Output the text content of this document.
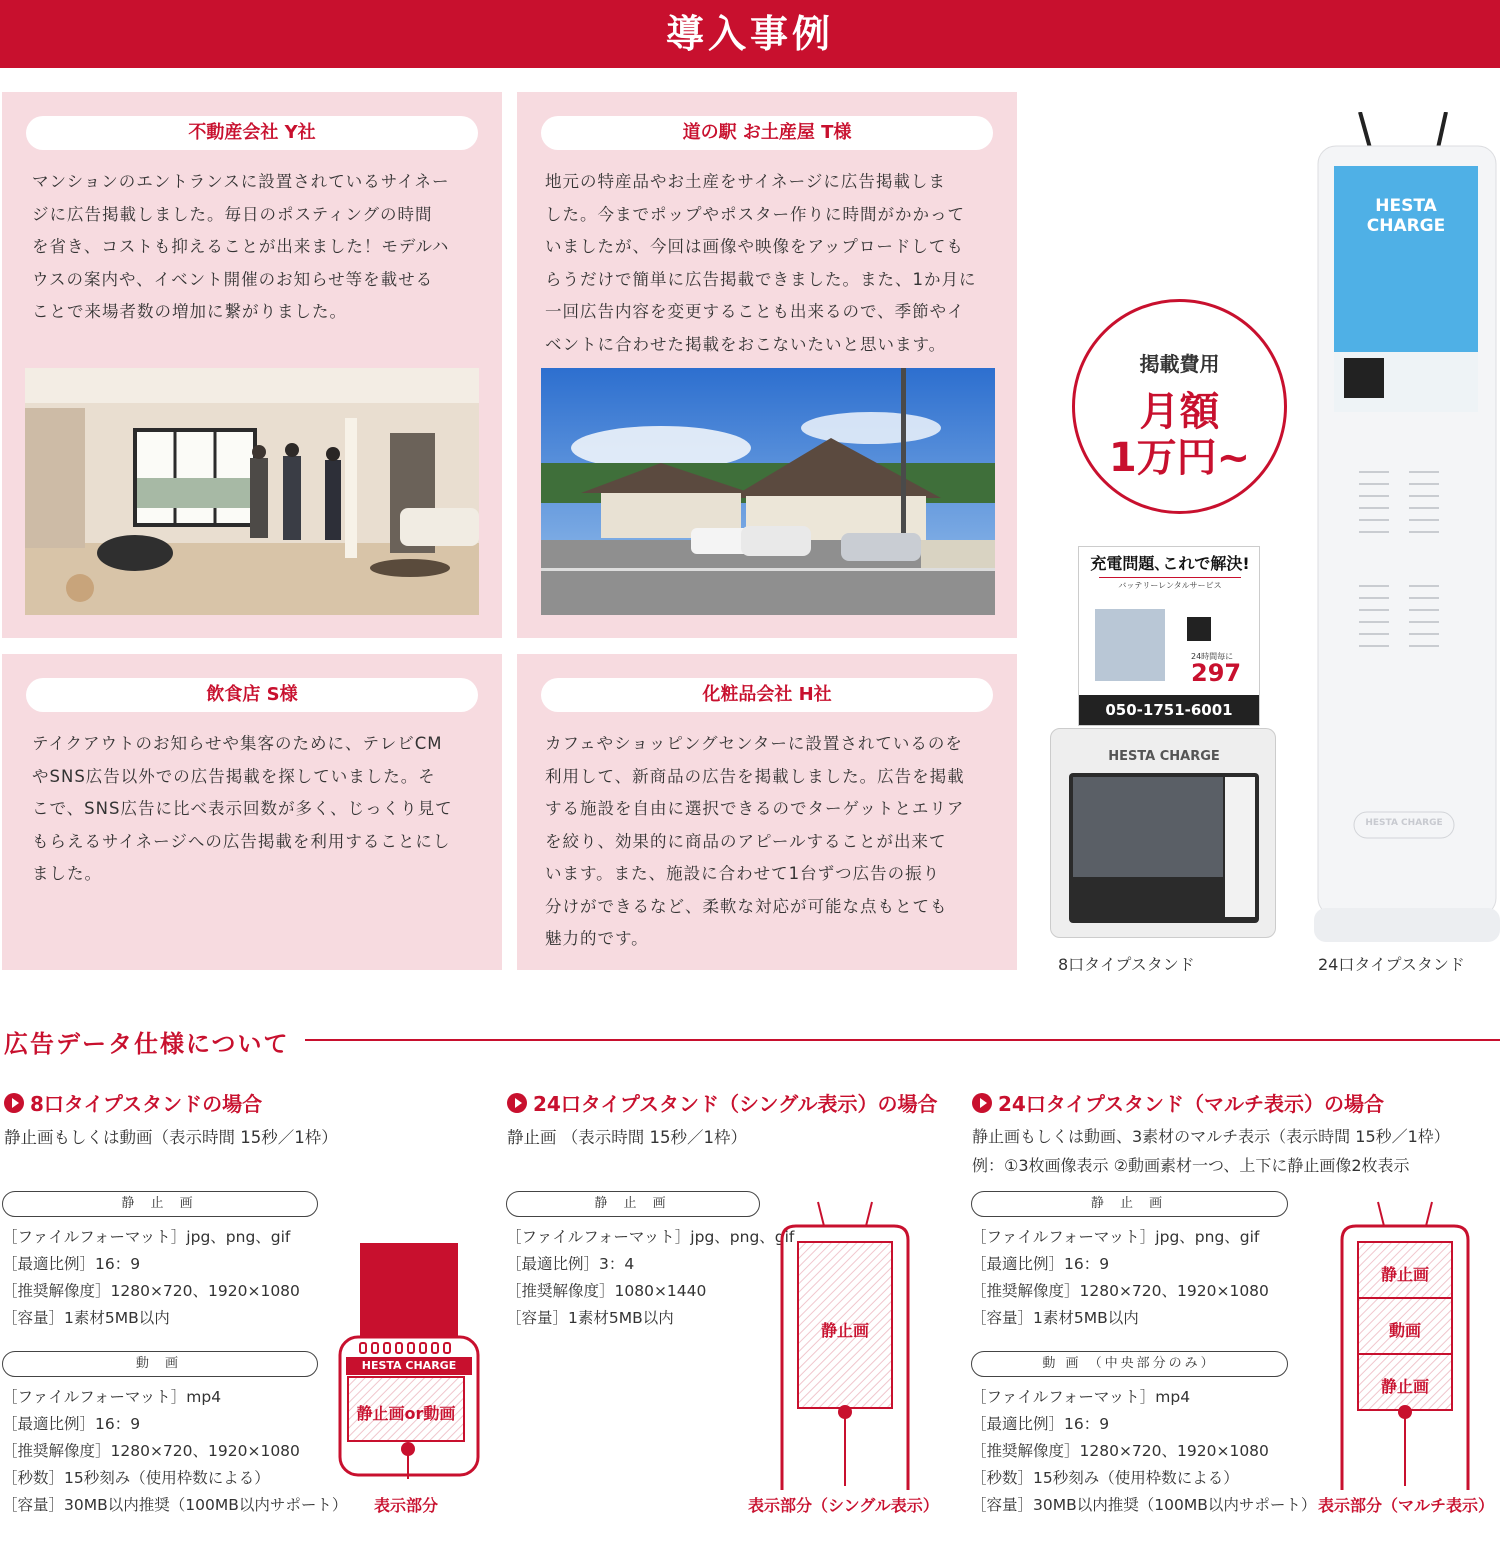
導入事例
不動産会社 Y社
マンションのエントランスに設置されているサイネー
ジに広告掲載しました。毎日のポスティングの時間
を省き、コストも抑えることが出来ました！モデルハ
ウスの案内や、イベント開催のお知らせ等を載せる
ことで来場者数の増加に繋がりました。
道の駅 お土産屋 T様
地元の特産品やお土産をサイネージに広告掲載しま
した。今までポップやポスター作りに時間がかかって
いましたが、今回は画像や映像をアップロードしても
らうだけで簡単に広告掲載できました。また、1か月に
一回広告内容を変更することも出来るので、季節やイ
ベントに合わせた掲載をおこないたいと思います。
飲食店 S様
テイクアウトのお知らせや集客のために、テレビCM
やSNS広告以外での広告掲載を探していました。そ
こで、SNS広告に比べ表示回数が多く、じっくり見て
もらえるサイネージへの広告掲載を利用することにし
ました。
化粧品会社 H社
カフェやショッピングセンターに設置されているのを
利用して、新商品の広告を掲載しました。広告を掲載
する施設を自由に選択できるのでターゲットとエリア
を絞り、効果的に商品のアピールすることが出来て
います。また、施設に合わせて1台ずつ広告の振り
分けができるなど、柔軟な対応が可能な点もとても
魅力的です。
掲載費用
月額
1万円~
充電問題､これで解決!
バッテリーレンタルサービス
24時間毎に
297
050-1751-6001
HESTA CHARGE
8口タイプスタンド
HESTA CHARGE
HESTA CHARGE
24口タイプスタンド
広告データ仕様について
8口タイプスタンドの場合
静止画もしくは動画（表示時間 15秒／1枠）
静 止 画
［ファイルフォーマット］jpg、png、gif
［最適比例］16：9
［推奨解像度］1280×720、1920×1080
［容量］1素材5MB以内
動 画
［ファイルフォーマット］mp4
［最適比例］16：9
［推奨解像度］1280×720、1920×1080
［秒数］15秒刻み（使用枠数による）
［容量］30MB以内推奨（100MB以内サポート）
HESTA CHARGE
静止画or動画
表示部分
24口タイプスタンド（シングル表示）の場合
静止画 （表示時間 15秒／1枠）
静 止 画
［ファイルフォーマット］jpg、png、gif
［最適比例］3：4
［推奨解像度］1080×1440
［容量］1素材5MB以内
静止画
表示部分（シングル表示）
24口タイプスタンド（マルチ表示）の場合
静止画もしくは動画、3素材のマルチ表示（表示時間 15秒／1枠）
例：①3枚画像表示 ②動画素材一つ、上下に静止画像2枚表示
静 止 画
［ファイルフォーマット］jpg、png、gif
［最適比例］16：9
［推奨解像度］1280×720、1920×1080
［容量］1素材5MB以内
動 画 （中央部分のみ）
［ファイルフォーマット］mp4
［最適比例］16：9
［推奨解像度］1280×720、1920×1080
［秒数］15秒刻み（使用枠数による）
［容量］30MB以内推奨（100MB以内サポート）
静止画
動画
静止画
表示部分（マルチ表示）
